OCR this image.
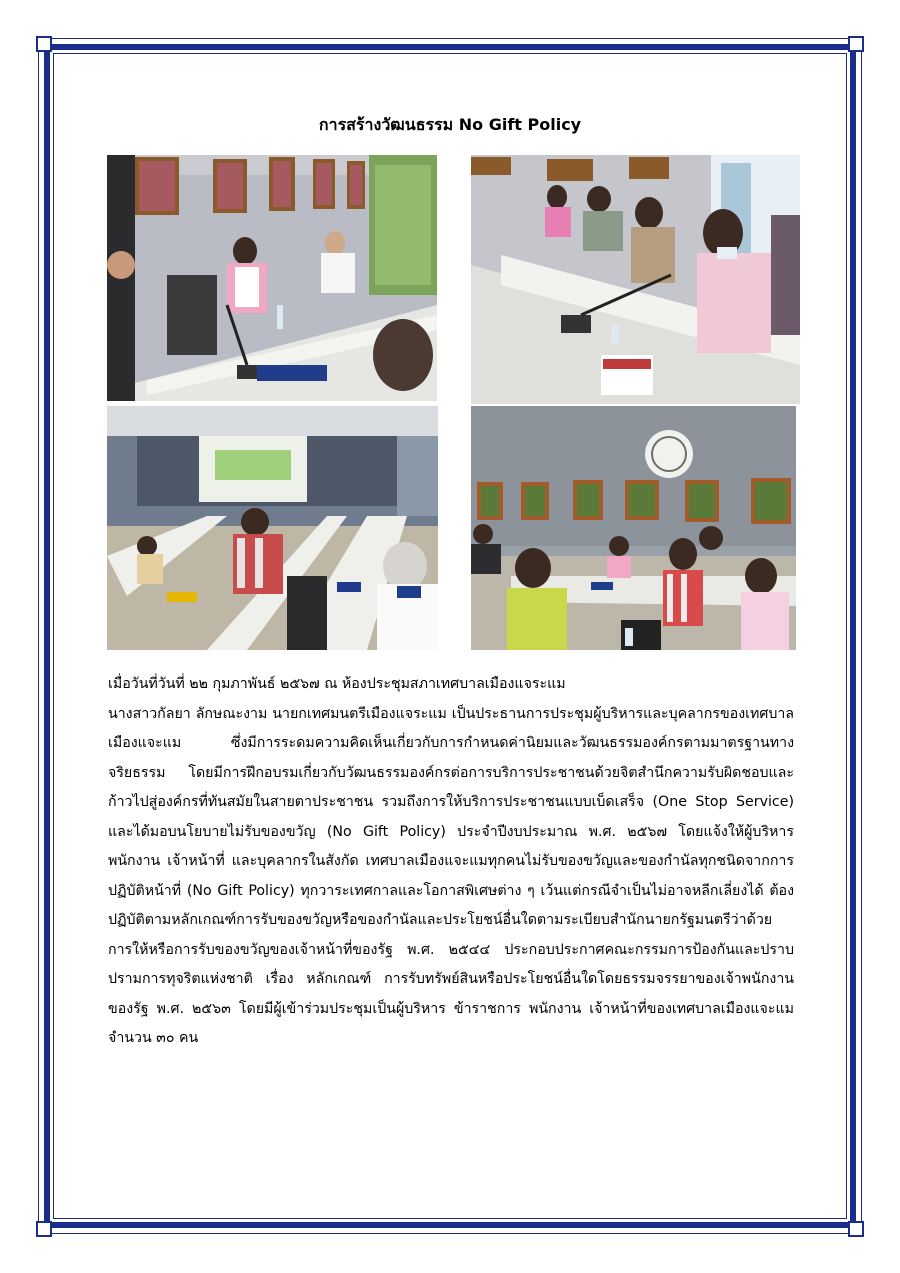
การสร้างวัฒนธรรม No Gift Policy

เมื่อวันที่วันที่ ๒๒ กุมภาพันธ์ ๒๕๖๗ ณ ห้องประชุมสภาเทศบาลเมืองแจระแม

นางสาวกัลยา ลักษณะงาม นายกเทศมนตรีเมืองแจระแม เป็นประธานการประชุมผู้บริหารและบุคลากรของเทศบาลเมืองแจะแม ซึ่งมีการระดมความคิดเห็นเกี่ยวกับการกำหนดค่านิยมและวัฒนธรรมองค์กรตามมาตรฐานทางจริยธรรม โดยมีการฝึกอบรมเกี่ยวกับวัฒนธรรมองค์กรต่อการบริการประชาชนด้วยจิตสำนึกความรับผิดชอบและก้าวไปสู่องค์กรที่ทันสมัยในสายตาประชาชน รวมถึงการให้บริการประชาชนแบบเบ็ดเสร็จ (One Stop Service) และได้มอบนโยบายไม่รับของขวัญ (No Gift Policy) ประจำปีงบประมาณ พ.ศ. ๒๕๖๗ โดยแจ้งให้ผู้บริหาร พนักงาน เจ้าหน้าที่ และบุคลากรในสังกัด เทศบาลเมืองแจะแมทุกคนไม่รับของขวัญและของกำนัลทุกชนิดจากการปฏิบัติหน้าที่ (No Gift Policy) ทุกวาระเทศกาลและโอกาสพิเศษต่าง ๆ เว้นแต่กรณีจำเป็นไม่อาจหลีกเลี่ยงได้ ต้องปฏิบัติตามหลักเกณฑ์การรับของขวัญหรือของกำนัลและประโยชน์อื่นใดตามระเบียบสำนักนายกรัฐมนตรีว่าด้วยการให้หรือการรับของขวัญของเจ้าหน้าที่ของรัฐ พ.ศ. ๒๕๔๔ ประกอบประกาศคณะกรรมการป้องกันและปราบปรามการทุจริตแห่งชาติ เรื่อง หลักเกณฑ์ การรับทรัพย์สินหรือประโยชน์อื่นใดโดยธรรมจรรยาของเจ้าพนักงานของรัฐ พ.ศ. ๒๕๖๓ โดยมีผู้เข้าร่วมประชุมเป็นผู้บริหาร ข้าราชการ พนักงาน เจ้าหน้าที่ของเทศบาลเมืองแจะแม จำนวน ๓๐ คน
